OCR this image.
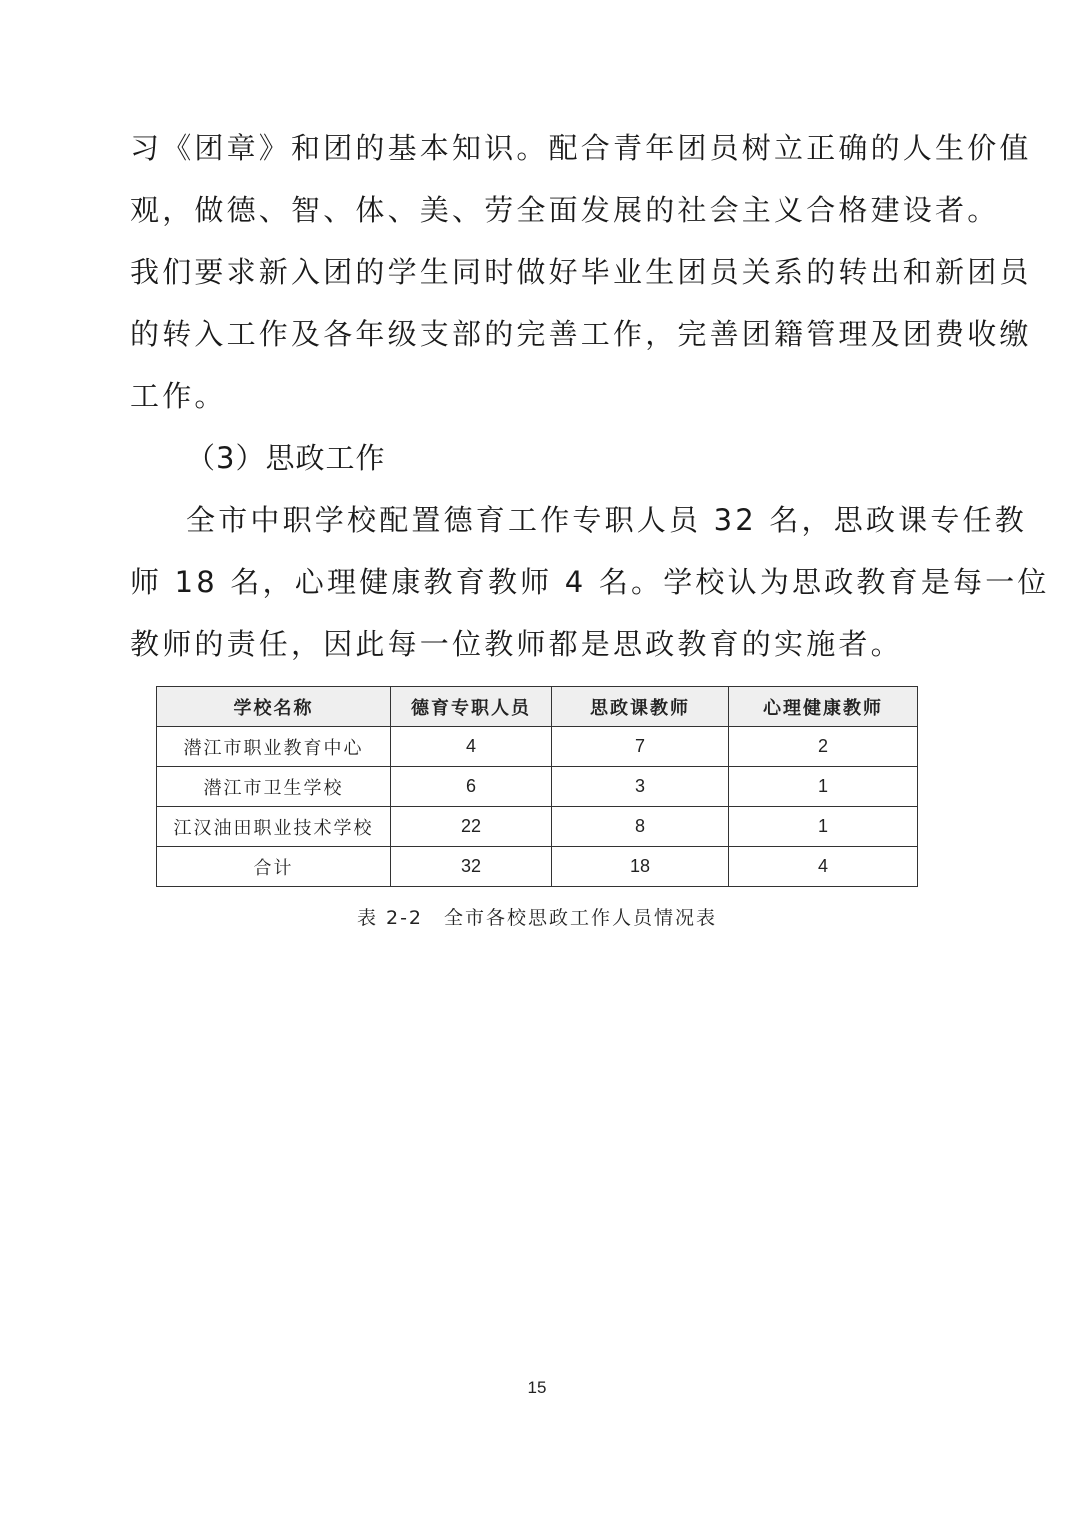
习《团章》和团的基本知识。配合青年团员树立正确的人生价值
观，做德、智、体、美、劳全面发展的社会主义合格建设者。
我们要求新入团的学生同时做好毕业生团员关系的转出和新团员
的转入工作及各年级支部的完善工作，完善团籍管理及团费收缴
工作。
（3）思政工作
全市中职学校配置德育工作专职人员 32 名，思政课专任教
师 18 名，心理健康教育教师 4 名。学校认为思政教育是每一位
教师的责任，因此每一位教师都是思政教育的实施者。
学校名称	德育专职人员	思政课教师	心理健康教师
潜江市职业教育中心	4	7	2
潜江市卫生学校	6	3	1
江汉油田职业技术学校	22	8	1
合计	32	18	4
表 2-2　全市各校思政工作人员情况表
15
